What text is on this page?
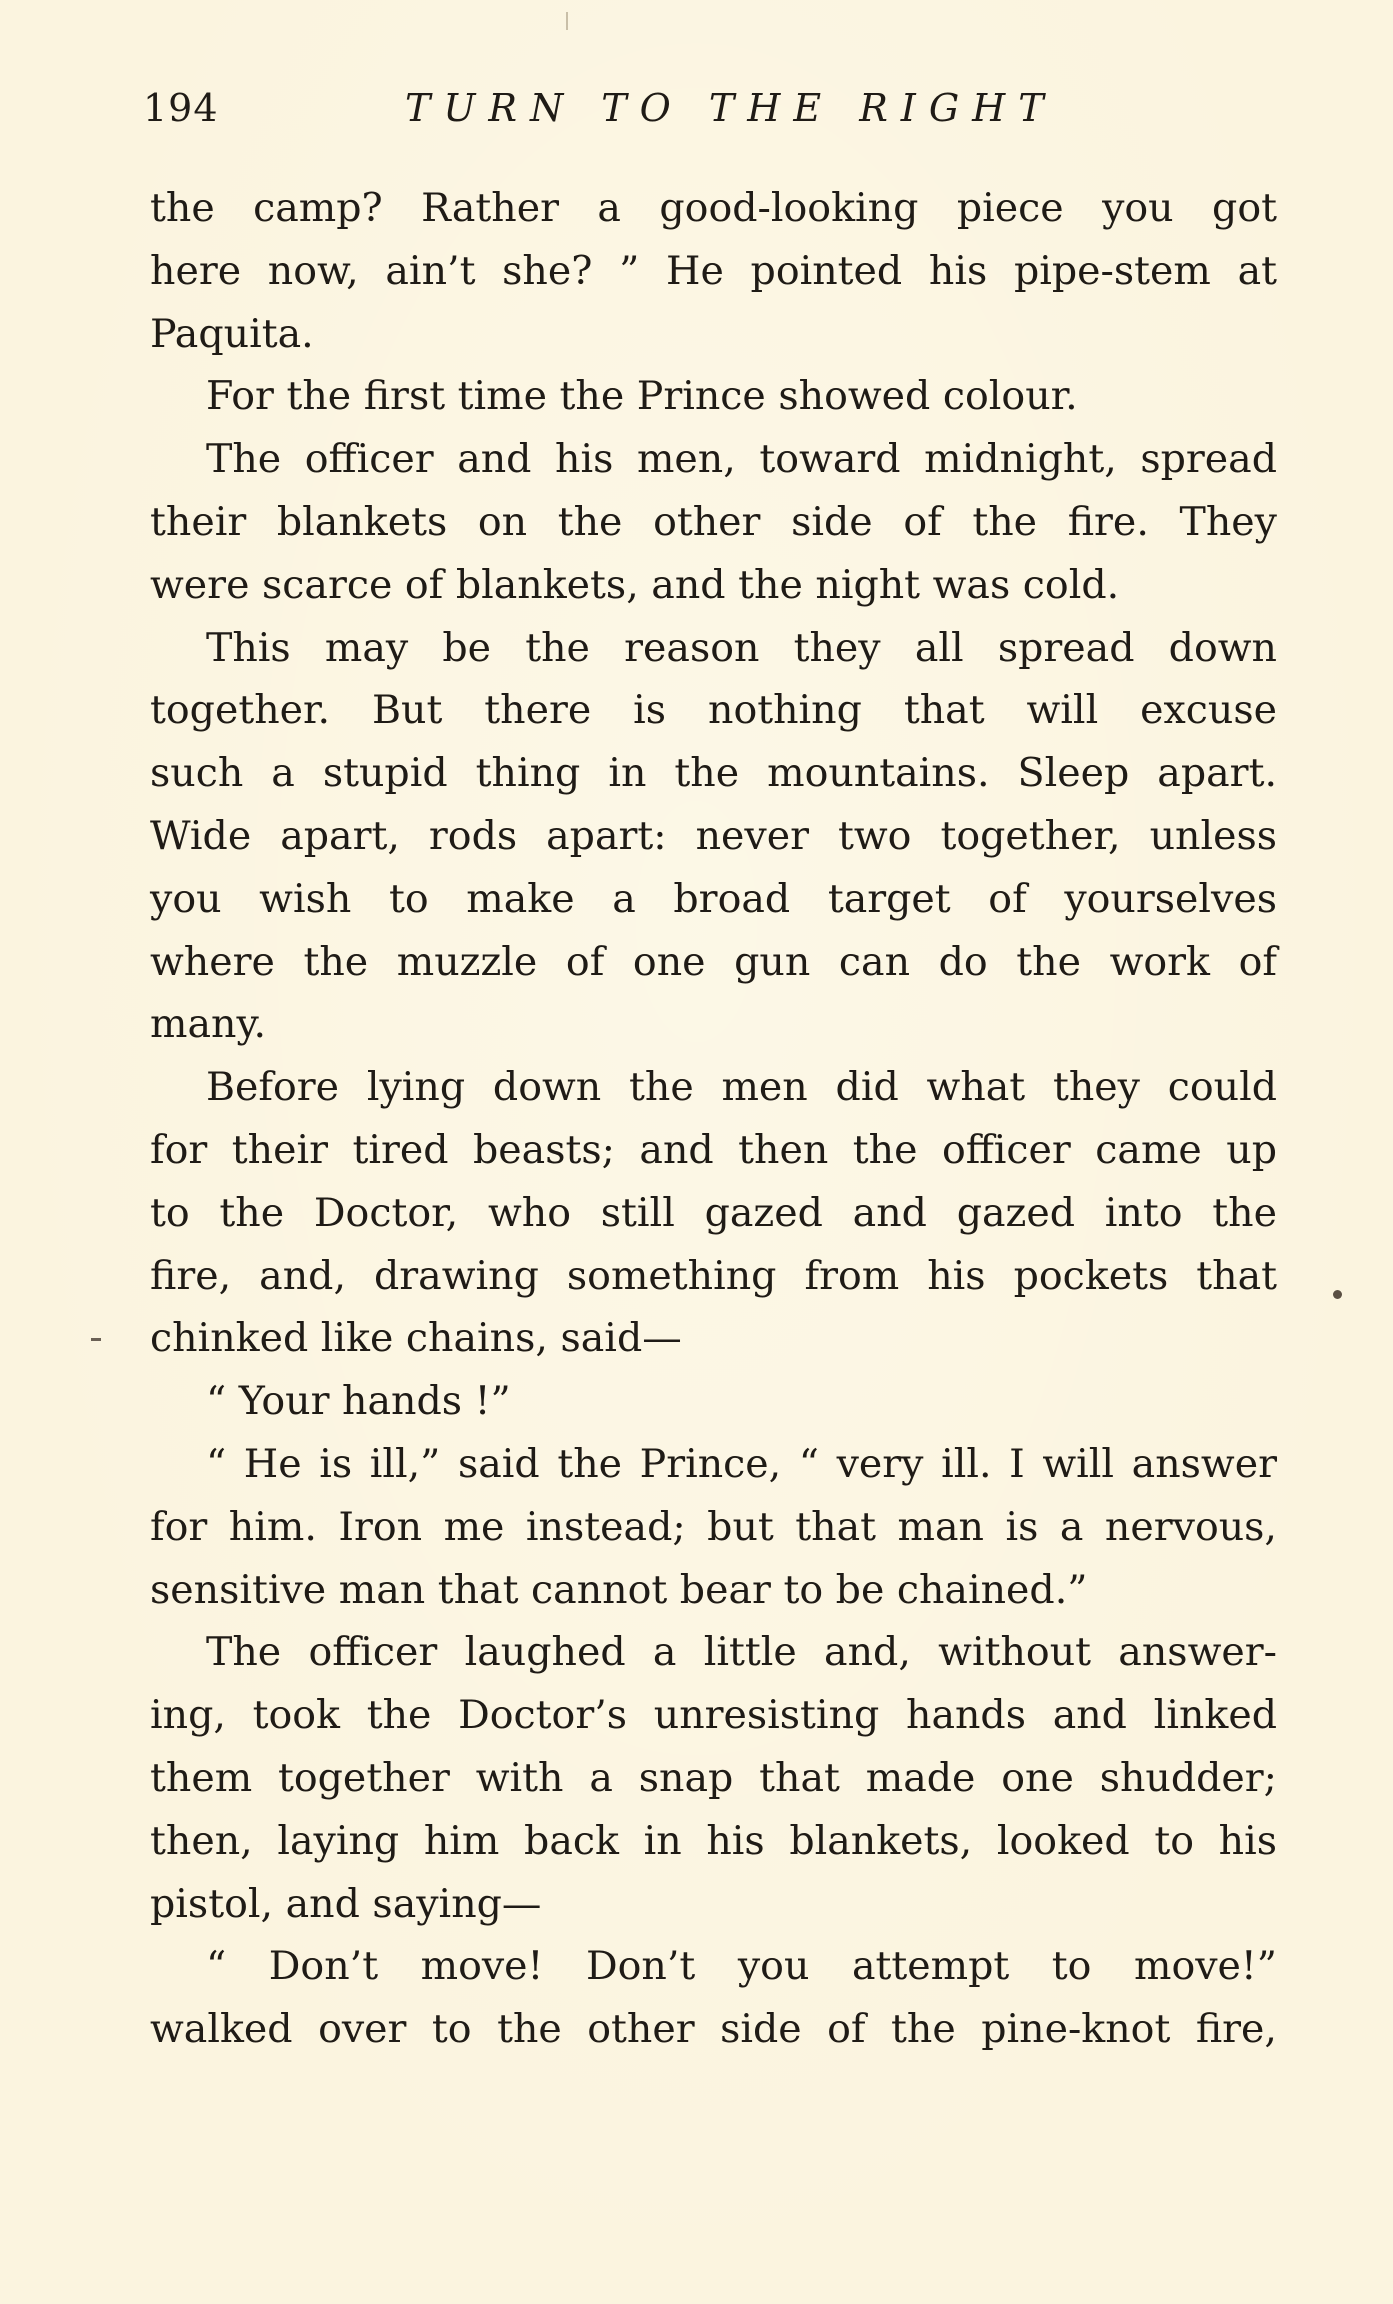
194	TURN TO THE RIGHT
the camp? Rather a good-looking piece you got
here now, ain’t she? ” He pointed his pipe-stem at
Paquita.
For the first time the Prince showed colour.
The officer and his men, toward midnight, spread
their blankets on the other side of the fire. They
were scarce of blankets, and the night was cold.
This may be the reason they all spread down
together. But there is nothing that will excuse
such a stupid thing in the mountains. Sleep apart.
Wide apart, rods apart: never two together, unless
you wish to make a broad target of yourselves
where the muzzle of one gun can do the work of
many.
Before lying down the men did what they could
for their tired beasts; and then the officer came up
to the Doctor, who still gazed and gazed into the
fire, and, drawing something from his pockets that
chinked like chains, said—
“ Your hands !”
“ He is ill,” said the Prince, “ very ill. I will answer
for him. Iron me instead; but that man is a nervous,
sensitive man that cannot bear to be chained.”
The officer laughed a little and, without answer-
ing, took the Doctor’s unresisting hands and linked
them together with a snap that made one shudder;
then, laying him back in his blankets, looked to his
pistol, and saying—
“ Don’t move! Don’t you attempt to move!”
walked over to the other side of the pine-knot fire,
